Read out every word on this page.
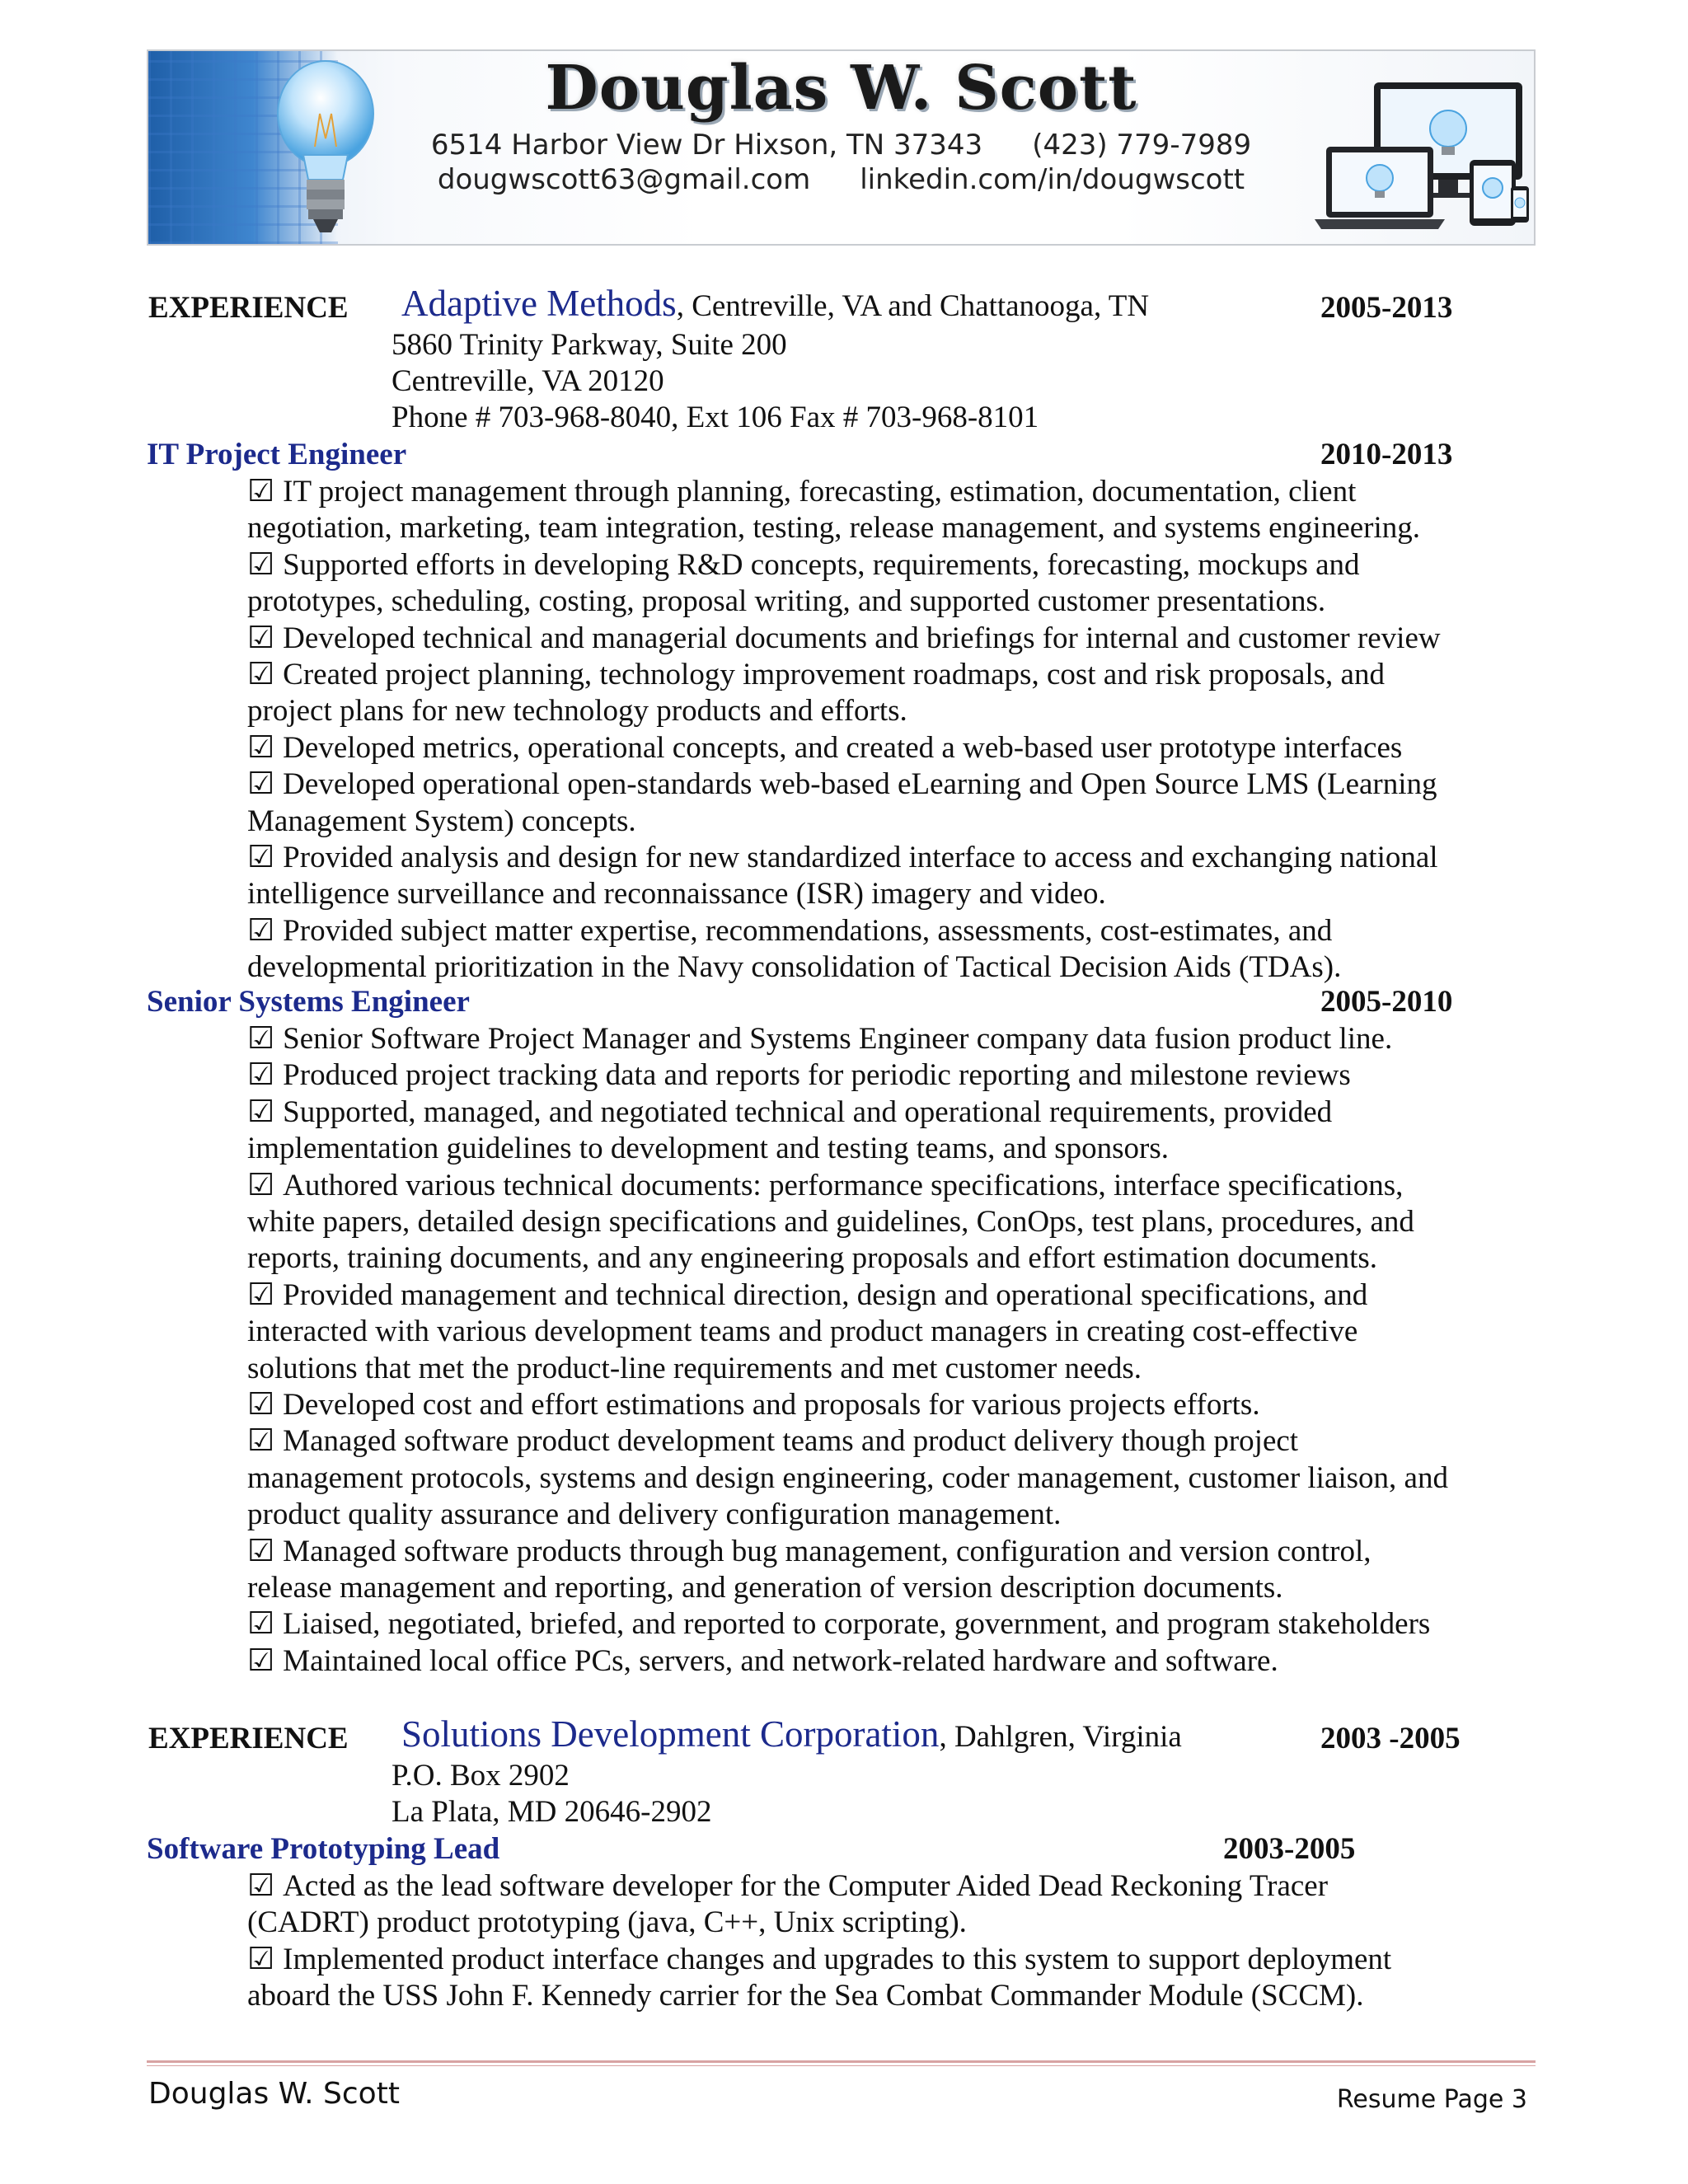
Douglas W. Scott
6514 Harbor View Dr Hixson, TN 37343 (423) 779-7989
dougwscott63@gmail.com linkedin.com/in/dougwscott
EXPERIENCE Adaptive Methods, Centreville, VA and Chattanooga, TN	2005-2013
5860 Trinity Parkway, Suite 200
Centreville, VA 20120
Phone # 703-968-8040, Ext 106 Fax # 703-968-8101
IT Project Engineer	2010-2013
☑ IT project management through planning, forecasting, estimation, documentation, client
negotiation, marketing, team integration, testing, release management, and systems engineering.
☑ Supported efforts in developing R&D concepts, requirements, forecasting, mockups and
prototypes, scheduling, costing, proposal writing, and supported customer presentations.
☑ Developed technical and managerial documents and briefings for internal and customer review
☑ Created project planning, technology improvement roadmaps, cost and risk proposals, and
project plans for new technology products and efforts.
☑ Developed metrics, operational concepts, and created a web-based user prototype interfaces
☑ Developed operational open-standards web-based eLearning and Open Source LMS (Learning
Management System) concepts.
☑ Provided analysis and design for new standardized interface to access and exchanging national
intelligence surveillance and reconnaissance (ISR) imagery and video.
☑ Provided subject matter expertise, recommendations, assessments, cost-estimates, and
developmental prioritization in the Navy consolidation of Tactical Decision Aids (TDAs).
Senior Systems Engineer	2005-2010
☑ Senior Software Project Manager and Systems Engineer company data fusion product line.
☑ Produced project tracking data and reports for periodic reporting and milestone reviews
☑ Supported, managed, and negotiated technical and operational requirements, provided
implementation guidelines to development and testing teams, and sponsors.
☑ Authored various technical documents: performance specifications, interface specifications,
white papers, detailed design specifications and guidelines, ConOps, test plans, procedures, and
reports, training documents, and any engineering proposals and effort estimation documents.
☑ Provided management and technical direction, design and operational specifications, and
interacted with various development teams and product managers in creating cost-effective
solutions that met the product-line requirements and met customer needs.
☑ Developed cost and effort estimations and proposals for various projects efforts.
☑ Managed software product development teams and product delivery though project
management protocols, systems and design engineering, coder management, customer liaison, and
product quality assurance and delivery configuration management.
☑ Managed software products through bug management, configuration and version control,
release management and reporting, and generation of version description documents.
☑ Liaised, negotiated, briefed, and reported to corporate, government, and program stakeholders
☑ Maintained local office PCs, servers, and network-related hardware and software.
EXPERIENCE Solutions Development Corporation, Dahlgren, Virginia	2003 -2005
P.O. Box 2902
La Plata, MD 20646-2902
Software Prototyping Lead	2003-2005
☑ Acted as the lead software developer for the Computer Aided Dead Reckoning Tracer
(CADRT) product prototyping (java, C++, Unix scripting).
☑ Implemented product interface changes and upgrades to this system to support deployment
aboard the USS John F. Kennedy carrier for the Sea Combat Commander Module (SCCM).
Douglas W. Scott	Resume Page 3
